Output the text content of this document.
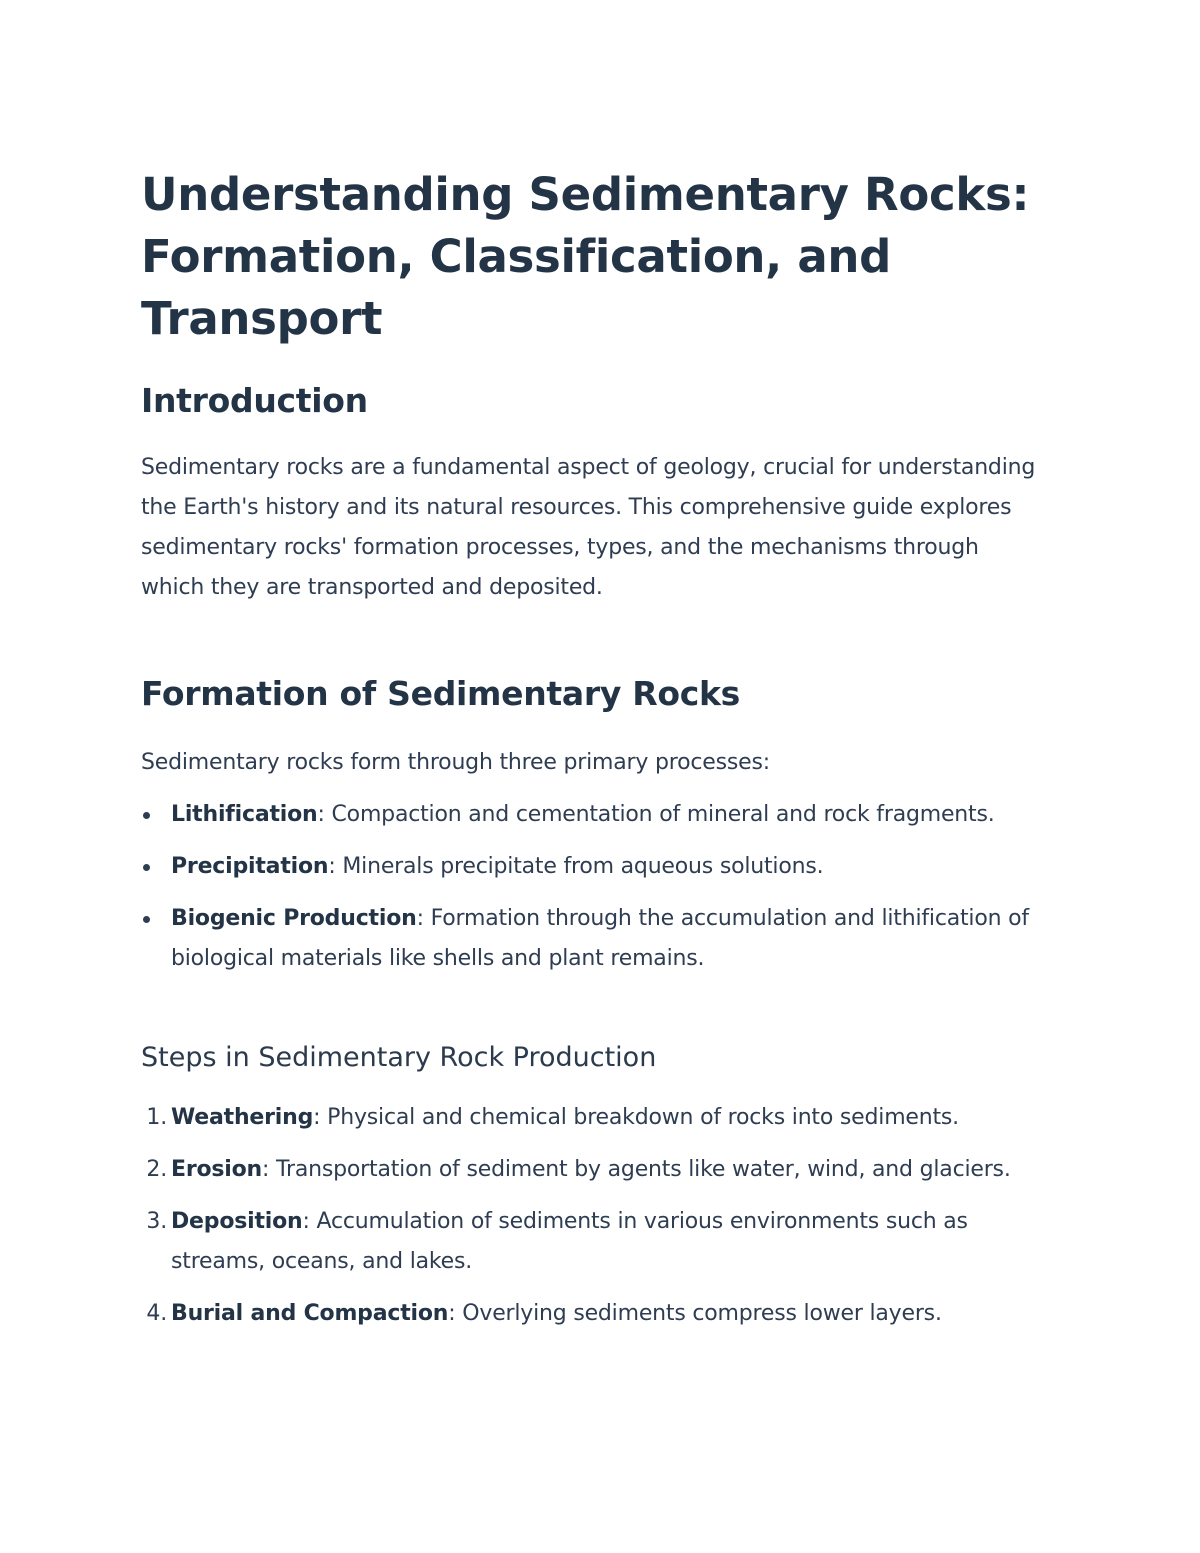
Understanding Sedimentary Rocks: Formation, Classification, and Transport
Introduction

Sedimentary rocks are a fundamental aspect of geology, crucial for understanding the Earth's history and its natural resources. This comprehensive guide explores sedimentary rocks' formation processes, types, and the mechanisms through which they are transported and deposited.

Formation of Sedimentary Rocks

Sedimentary rocks form through three primary processes:

Lithification: Compaction and cementation of mineral and rock fragments.
Precipitation: Minerals precipitate from aqueous solutions.
Biogenic Production: Formation through the accumulation and lithification of biological materials like shells and plant remains.
Steps in Sedimentary Rock Production
1. Weathering: Physical and chemical breakdown of rocks into sediments.
2. Erosion: Transportation of sediment by agents like water, wind, and glaciers.
3. Deposition: Accumulation of sediments in various environments such as streams, oceans, and lakes.
4. Burial and Compaction: Overlying sediments compress lower layers.
